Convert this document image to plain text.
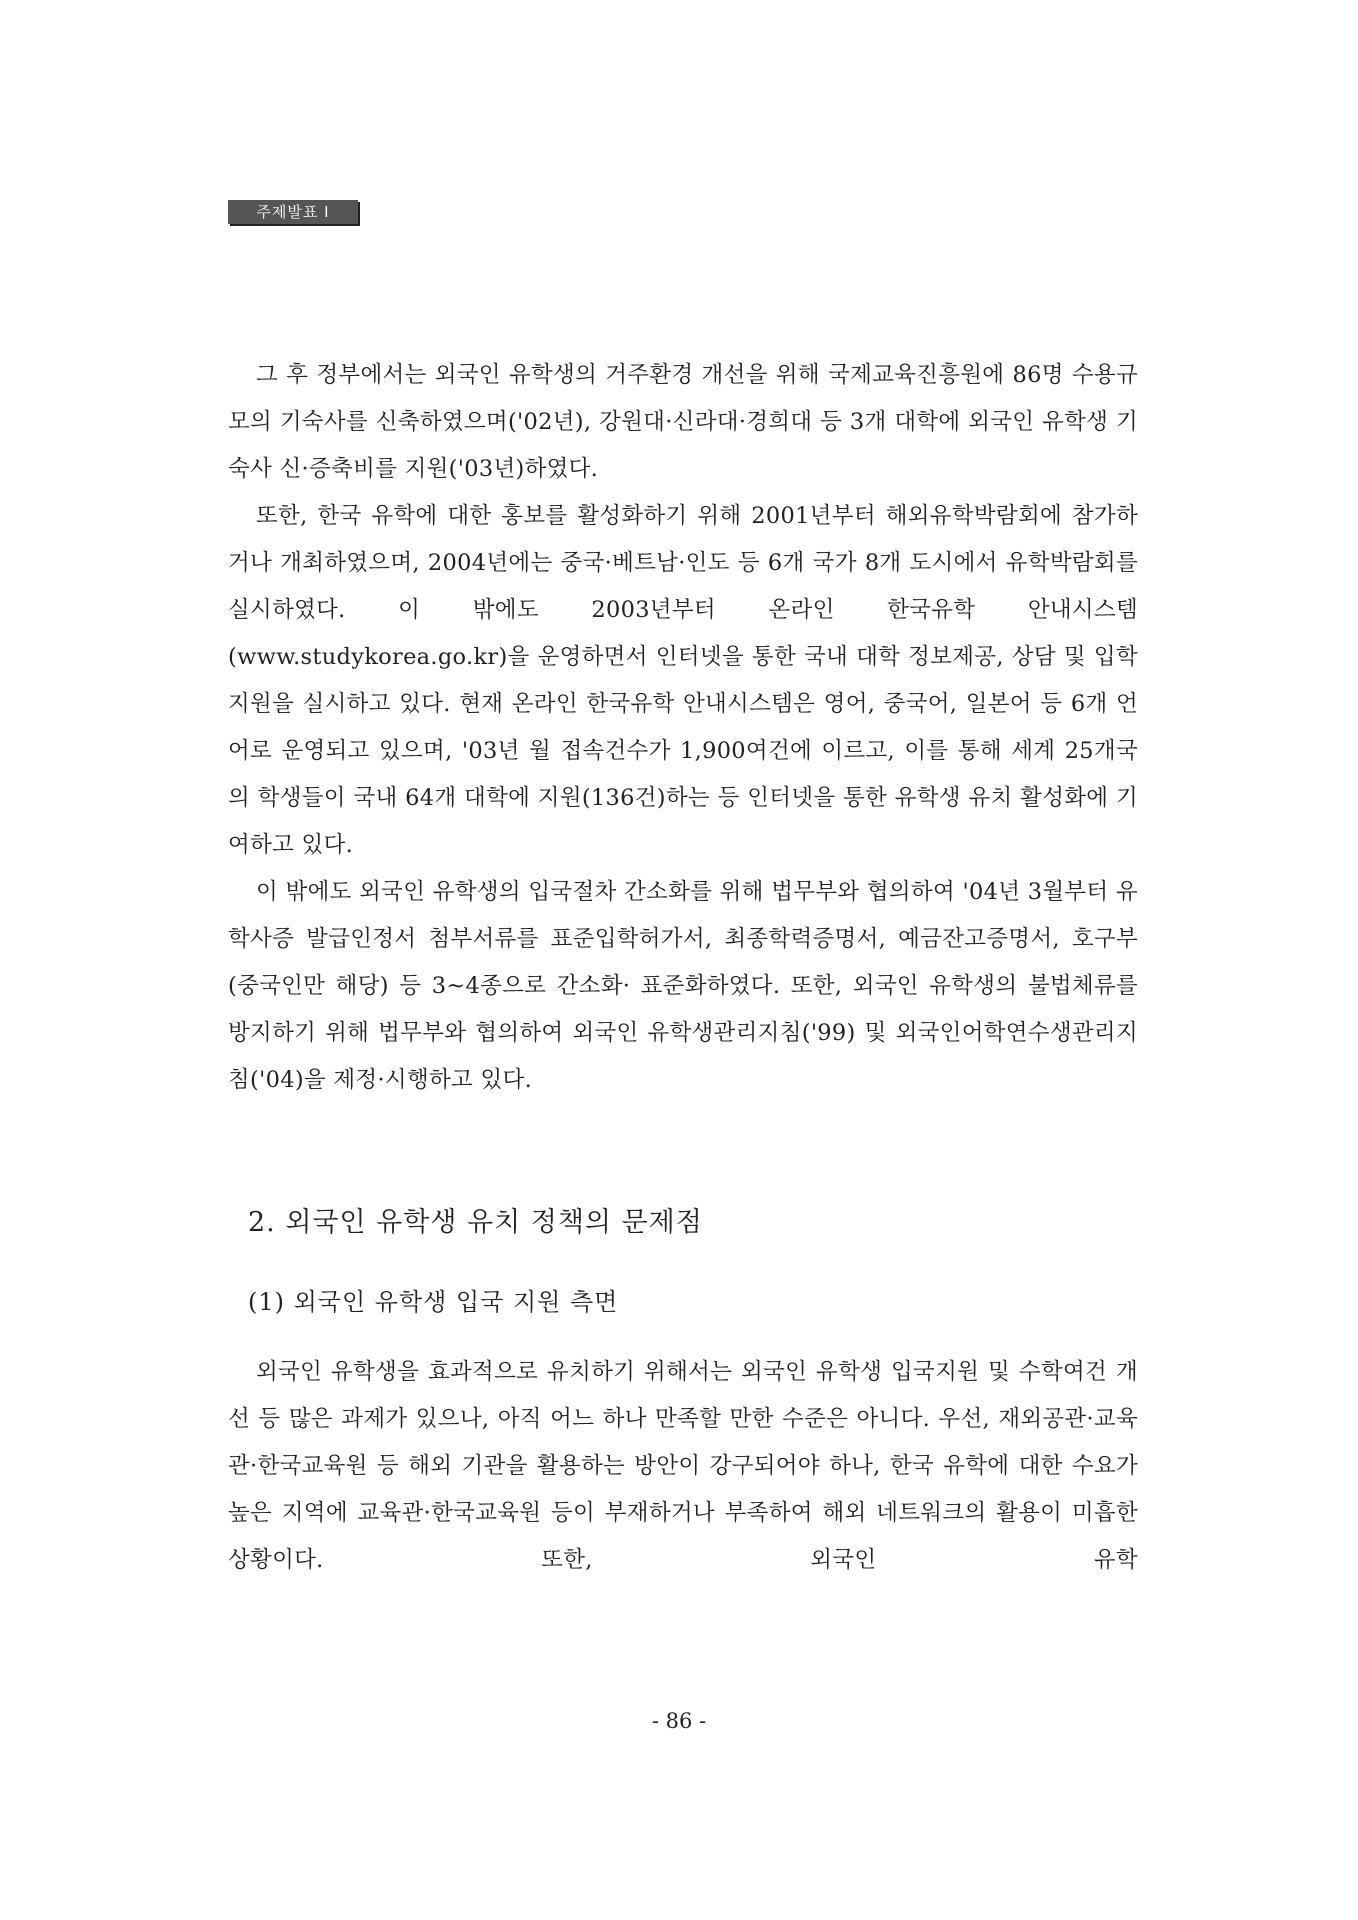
주제발표 I

그 후 정부에서는 외국인 유학생의 거주환경 개선을 위해 국제교육진흥원에 86명 수용규모의 기숙사를 신축하였으며('02년), 강원대·신라대·경희대 등 3개 대학에 외국인 유학생 기숙사 신·증축비를 지원('03년)하였다.

또한, 한국 유학에 대한 홍보를 활성화하기 위해 2001년부터 해외유학박람회에 참가하거나 개최하였으며, 2004년에는 중국·베트남·인도 등 6개 국가 8개 도시에서 유학박람회를 실시하였다. 이 밖에도 2003년부터 온라인 한국유학 안내시스템(www.studykorea.go.kr)을 운영하면서 인터넷을 통한 국내 대학 정보제공, 상담 및 입학지원을 실시하고 있다. 현재 온라인 한국유학 안내시스템은 영어, 중국어, 일본어 등 6개 언어로 운영되고 있으며, '03년 월 접속건수가 1,900여건에 이르고, 이를 통해 세계 25개국의 학생들이 국내 64개 대학에 지원(136건)하는 등 인터넷을 통한 유학생 유치 활성화에 기여하고 있다.

이 밖에도 외국인 유학생의 입국절차 간소화를 위해 법무부와 협의하여 '04년 3월부터 유학사증 발급인정서 첨부서류를 표준입학허가서, 최종학력증명서, 예금잔고증명서, 호구부(중국인만 해당) 등 3~4종으로 간소화· 표준화하였다. 또한, 외국인 유학생의 불법체류를 방지하기 위해 법무부와 협의하여 외국인 유학생관리지침('99) 및 외국인어학연수생관리지침('04)을 제정·시행하고 있다.

2. 외국인 유학생 유치 정책의 문제점
(1) 외국인 유학생 입국 지원 측면

외국인 유학생을 효과적으로 유치하기 위해서는 외국인 유학생 입국지원 및 수학여건 개선 등 많은 과제가 있으나, 아직 어느 하나 만족할 만한 수준은 아니다. 우선, 재외공관·교육관·한국교육원 등 해외 기관을 활용하는 방안이 강구되어야 하나, 한국 유학에 대한 수요가 높은 지역에 교육관·한국교육원 등이 부재하거나 부족하여 해외 네트워크의 활용이 미흡한 상황이다. 또한, 외국인 유학

- 86 -
